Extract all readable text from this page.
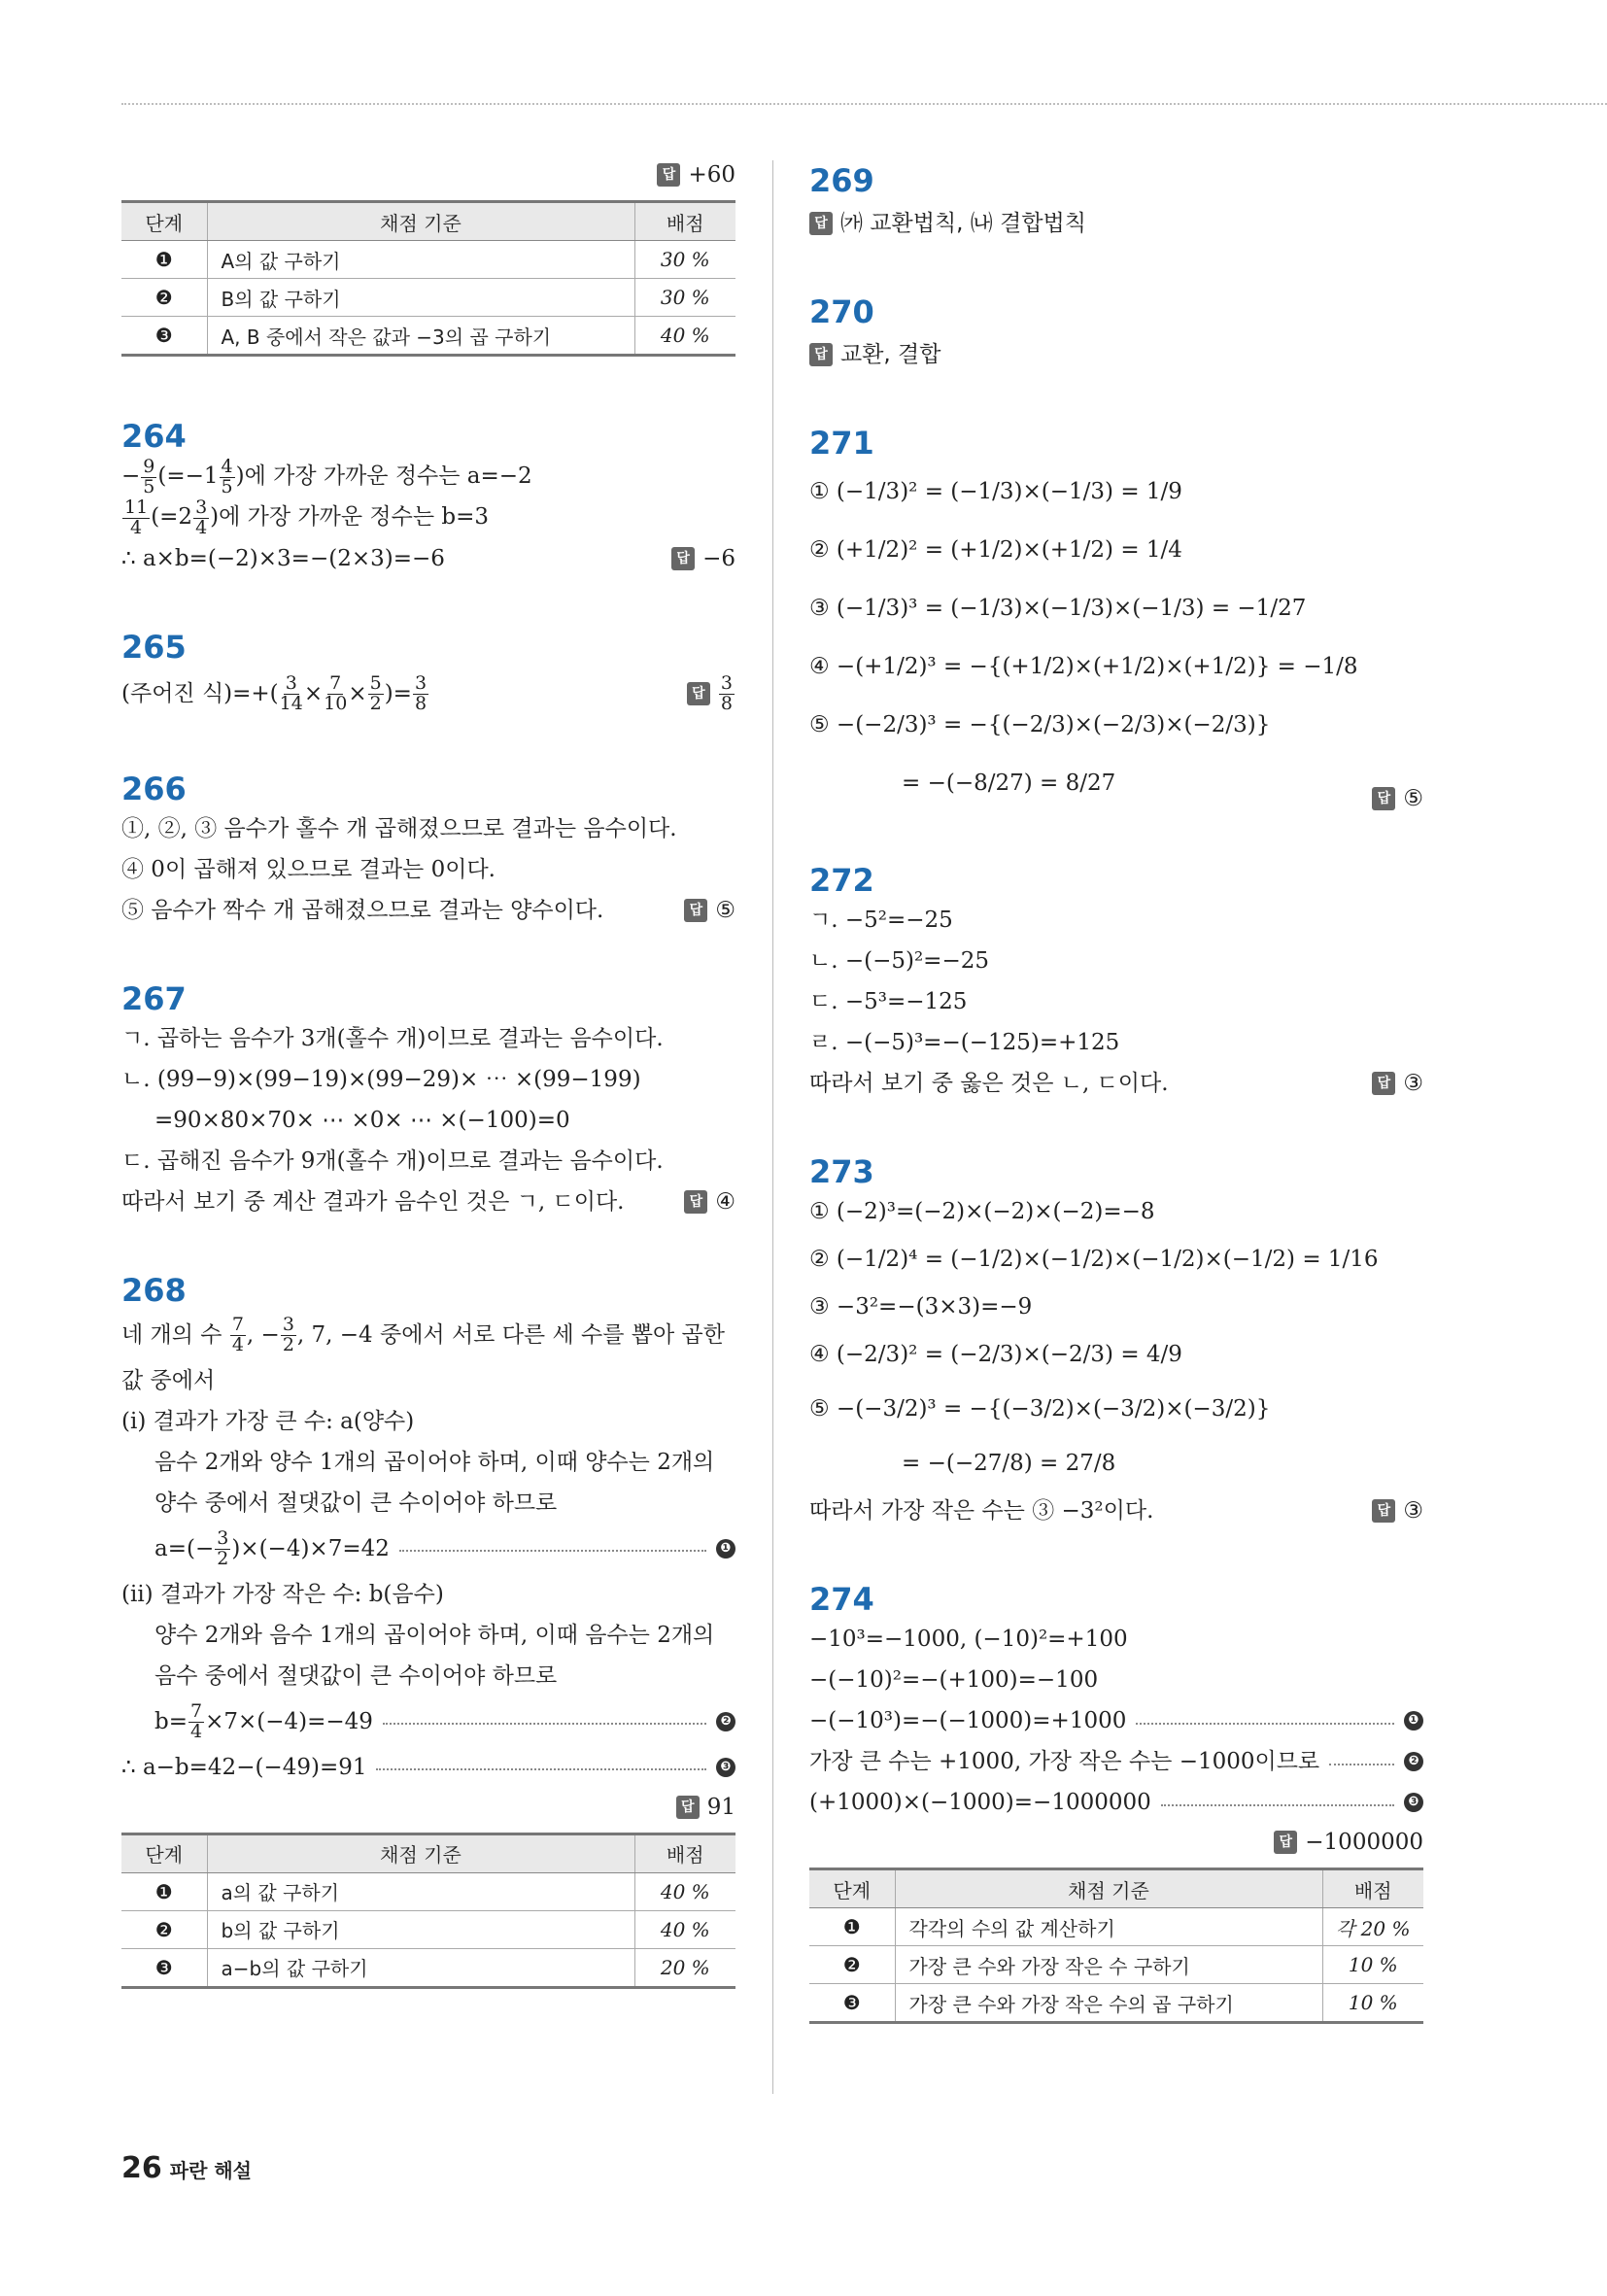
답 +60
단계	채점 기준	배점
❶	A의 값 구하기	30 %
❷	B의 값 구하기	30 %
❸	A, B 중에서 작은 값과 −3의 곱 구하기	40 %
264
− $\frac{9}{5} (=-1 \frac{4}{5}$ )에 가장 가까운 정수는 a=−2
$\frac{11}{4} (=2 \frac{3}{4}$ )에 가장 가까운 정수는 b=3
∴ a×b=(−2)×3=−(2×3)=−6	답 −6
265
(주어진 식)=+( $\frac{3}{14} \times \frac{7}{10} \times \frac{5}{2}$ )= $\frac{3}{8}$	답
3
8
266
①, ②, ③ 음수가 홀수 개 곱해졌으므로 결과는 음수이다.
④ 0이 곱해져 있으므로 결과는 0이다.
⑤ 음수가 짝수 개 곱해졌으므로 결과는 양수이다.	답 ⑤
267
ㄱ. 곱하는 음수가 3개(홀수 개)이므로 결과는 음수이다.
ㄴ. (99−9)×(99−19)×(99−29)× ⋯ ×(99−199)
=90×80×70× ⋯ ×0× ⋯ ×(−100)=0
ㄷ. 곱해진 음수가 9개(홀수 개)이므로 결과는 음수이다.
따라서 보기 중 계산 결과가 음수인 것은 ㄱ, ㄷ이다.	답 ④
268
네 개의 수 $\frac{7}{4}$ , − $\frac{3}{2}$ , 7, −4 중에서 서로 다른 세 수를 뽑아 곱한
값 중에서
(ⅰ) 결과가 가장 큰 수: a(양수)
음수 2개와 양수 1개의 곱이어야 하며, 이때 양수는 2개의
양수 중에서 절댓값이 큰 수이어야 하므로
$a=(- \frac{3}{2} )\times(-4)\times 7=42$	❶
(ⅱ) 결과가 가장 작은 수: b(음수)
양수 2개와 음수 1개의 곱이어야 하며, 이때 음수는 2개의
음수 중에서 절댓값이 큰 수이어야 하므로
$b= \frac{7}{4} \times 7\times(-4)=-49$	❷
∴ a−b=42−(−49)=91	❸
답 91
단계	채점 기준	배점
❶	a의 값 구하기	40 %
❷	b의 값 구하기	40 %
❸	a−b의 값 구하기	20 %
269
답 ㈎ 교환법칙, ㈏ 결합법칙
270
답 교환, 결합
271
① (−1/3)² = (−1/3)×(−1/3) = 1/9
② (+1/2)² = (+1/2)×(+1/2) = 1/4
③ (−1/3)³ = (−1/3)×(−1/3)×(−1/3) = −1/27
④ −(+1/2)³ = −{(+1/2)×(+1/2)×(+1/2)} = −1/8
⑤ −(−2/3)³ = −{(−2/3)×(−2/3)×(−2/3)}
= −(−8/27) = 8/27
답 ⑤
272
ㄱ. −5²=−25
ㄴ. −(−5)²=−25
ㄷ. −5³=−125
ㄹ. −(−5)³=−(−125)=+125
따라서 보기 중 옳은 것은 ㄴ, ㄷ이다.	답 ③
273
① (−2)³=(−2)×(−2)×(−2)=−8
② (−1/2)⁴ = (−1/2)×(−1/2)×(−1/2)×(−1/2) = 1/16
③ −3²=−(3×3)=−9
④ (−2/3)² = (−2/3)×(−2/3) = 4/9
⑤ −(−3/2)³ = −{(−3/2)×(−3/2)×(−3/2)}
= −(−27/8) = 27/8
따라서 가장 작은 수는 ③ −3²이다.	답 ③
274
−10³=−1000, (−10)²=+100
−(−10)²=−(+100)=−100
−(−10³)=−(−1000)=+1000	❶
가장 큰 수는 +1000, 가장 작은 수는 −1000이므로	❷
(+1000)×(−1000)=−1000000	❸
답 −1000000
단계	채점 기준	배점
❶	각각의 수의 값 계산하기	각 20 %
❷	가장 큰 수와 가장 작은 수 구하기	10 %
❸	가장 큰 수와 가장 작은 수의 곱 구하기	10 %
26 파란 해설
